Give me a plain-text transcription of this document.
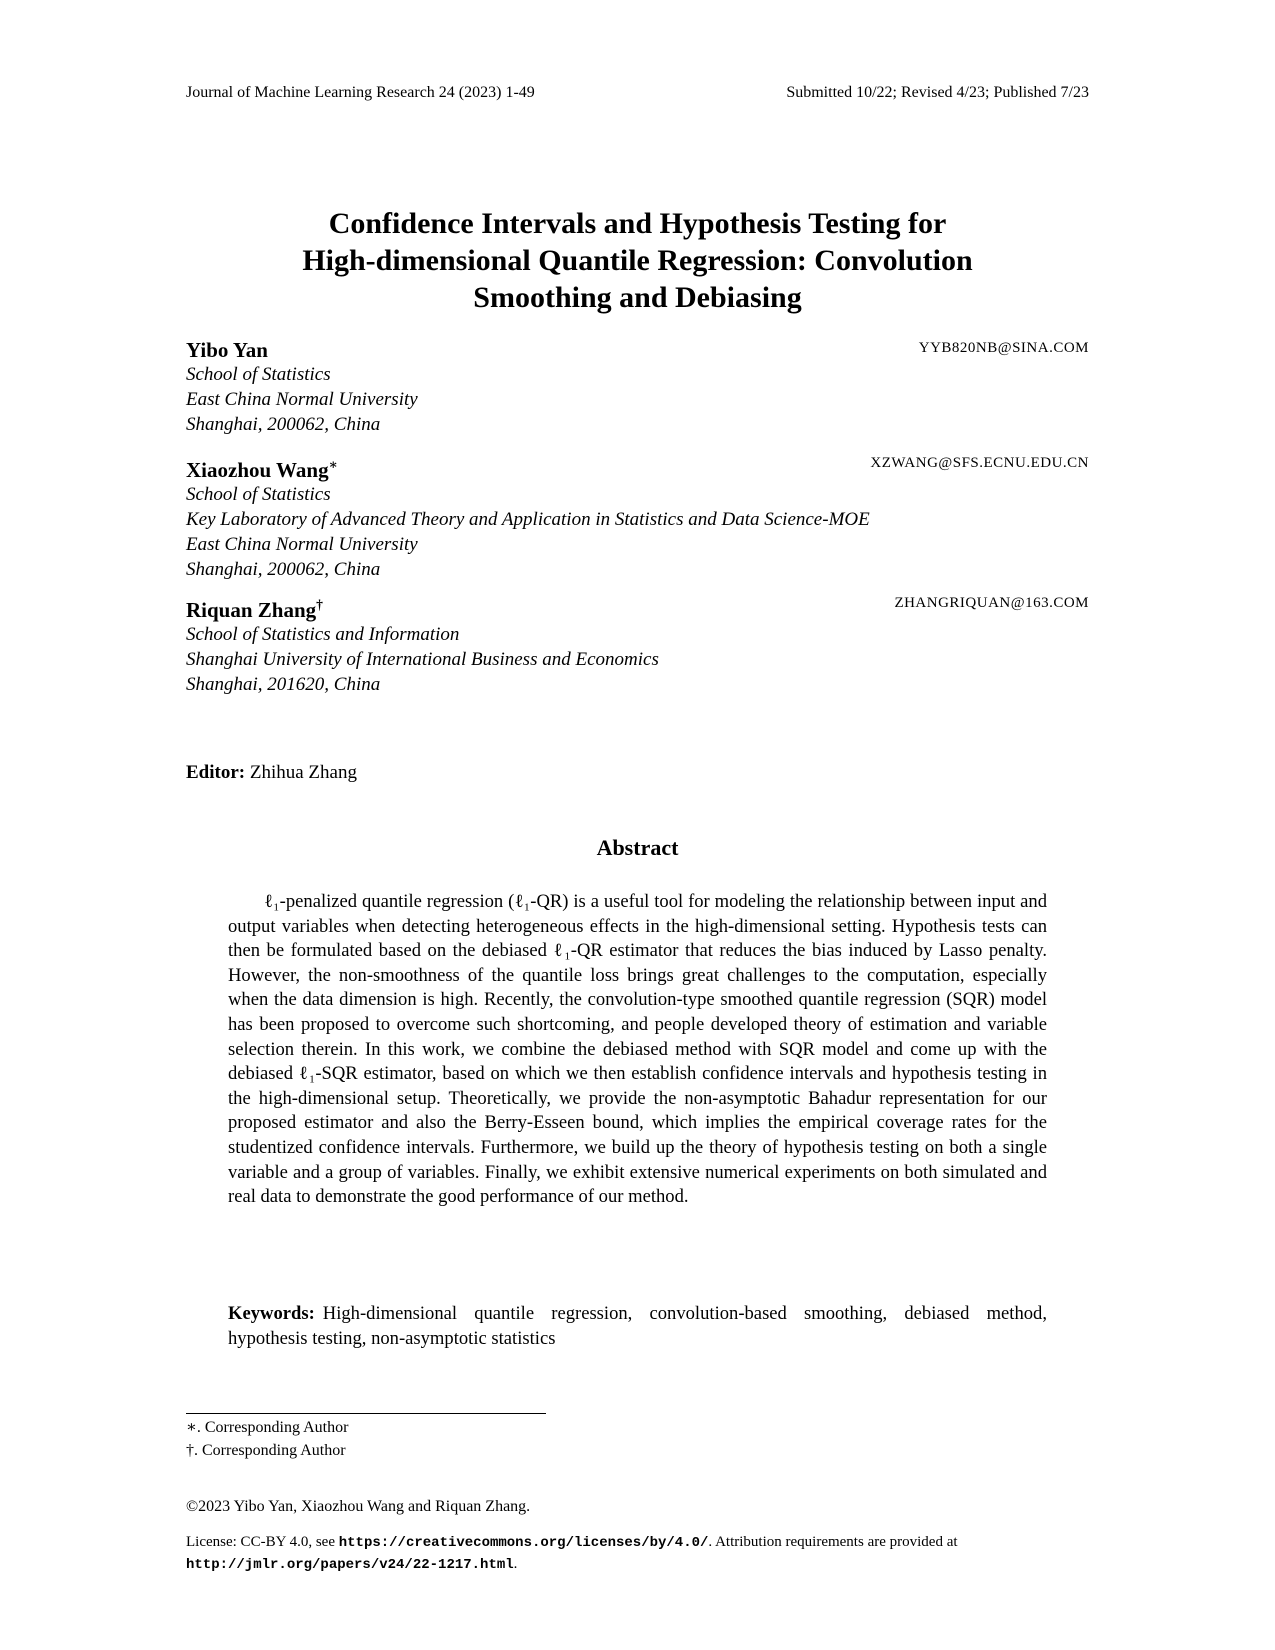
Journal of Machine Learning Research 24 (2023) 1-49	Submitted 10/22; Revised 4/23; Published 7/23
Confidence Intervals and Hypothesis Testing for
High-dimensional Quantile Regression: Convolution
Smoothing and Debiasing
Yibo Yan	YYB820NB@SINA.COM
School of Statistics
East China Normal University
Shanghai, 200062, China
Xiaozhou Wang∗	XZWANG@SFS.ECNU.EDU.CN
School of Statistics
Key Laboratory of Advanced Theory and Application in Statistics and Data Science-MOE
East China Normal University
Shanghai, 200062, China
Riquan Zhang†	ZHANGRIQUAN@163.COM
School of Statistics and Information
Shanghai University of International Business and Economics
Shanghai, 201620, China
Editor: Zhihua Zhang
Abstract
ℓ₁-penalized quantile regression (ℓ₁-QR) is a useful tool for modeling the relationship between input and output variables when detecting heterogeneous effects in the high-dimensional setting. Hypothesis tests can then be formulated based on the debiased ℓ₁-QR estimator that reduces the bias induced by Lasso penalty. However, the non-smoothness of the quantile loss brings great challenges to the computation, especially when the data dimension is high. Recently, the convolution-type smoothed quantile regression (SQR) model has been proposed to overcome such shortcoming, and people developed theory of estimation and variable selection therein. In this work, we combine the debiased method with SQR model and come up with the debiased ℓ₁-SQR estimator, based on which we then establish confidence intervals and hypothesis testing in the high-dimensional setup. Theoretically, we provide the non-asymptotic Bahadur representation for our proposed estimator and also the Berry-Esseen bound, which implies the empirical coverage rates for the studentized confidence intervals. Furthermore, we build up the theory of hypothesis testing on both a single variable and a group of variables. Finally, we exhibit extensive numerical experiments on both simulated and real data to demonstrate the good performance of our method.
Keywords: High-dimensional quantile regression, convolution-based smoothing, debiased method, hypothesis testing, non-asymptotic statistics
∗. Corresponding Author
†. Corresponding Author
©2023 Yibo Yan, Xiaozhou Wang and Riquan Zhang.
License: CC-BY 4.0, see https://creativecommons.org/licenses/by/4.0/. Attribution requirements are provided at http://jmlr.org/papers/v24/22-1217.html.
